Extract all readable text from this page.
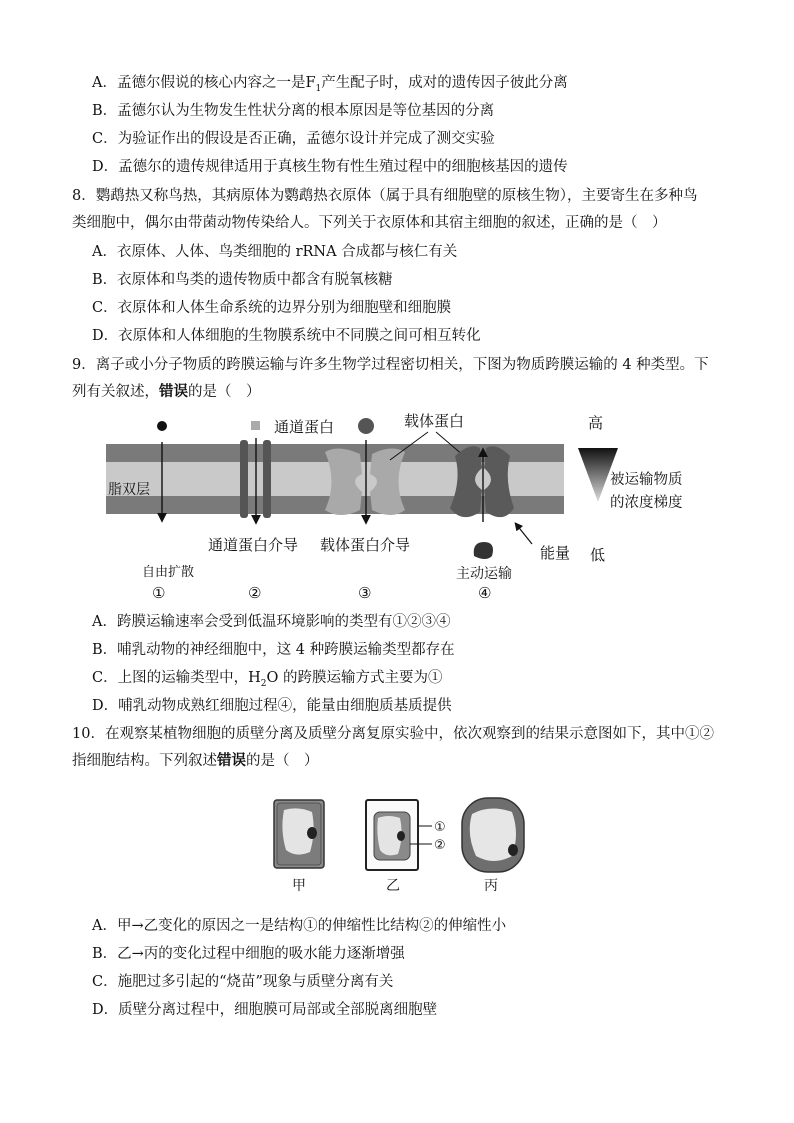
A．孟德尔假说的核心内容之一是$F_1$产生配子时，成对的遗传因子彼此分离
B．孟德尔认为生物发生性状分离的根本原因是等位基因的分离
C．为验证作出的假设是否正确，孟德尔设计并完成了测交实验
D．孟德尔的遗传规律适用于真核生物有性生殖过程中的细胞核基因的遗传
8．鹦鹉热又称鸟热，其病原体为鹦鹉热衣原体（属于具有细胞壁的原核生物），主要寄生在多种鸟
类细胞中，偶尔由带菌动物传染给人。下列关于衣原体和其宿主细胞的叙述，正确的是（　）
A．衣原体、人体、鸟类细胞的 rRNA 合成都与核仁有关
B．衣原体和鸟类的遗传物质中都含有脱氧核糖
C．衣原体和人体生命系统的边界分别为细胞壁和细胞膜
D．衣原体和人体细胞的生物膜系统中不同膜之间可相互转化
9．离子或小分子物质的跨膜运输与许多生物学过程密切相关，下图为物质跨膜运输的 4 种类型。下
列有关叙述，错误的是（　）
脂双层
通道蛋白	载体蛋白
能量
高
被运输物质
的浓度梯度
低
通道蛋白介导 载体蛋白介导
自由扩散	主动运输
①	②	③	④
A．跨膜运输速率会受到低温环境影响的类型有①②③④
B．哺乳动物的神经细胞中，这 4 种跨膜运输类型都存在
C．上图的运输类型中，$H_2O$ 的跨膜运输方式主要为①
D．哺乳动物成熟红细胞过程④，能量由细胞质基质提供
10．在观察某植物细胞的质壁分离及质壁分离复原实验中，依次观察到的结果示意图如下，其中①②
指细胞结构。下列叙述错误的是（　）
甲
①
②
乙	丙
A．甲→乙变化的原因之一是结构①的伸缩性比结构②的伸缩性小
B．乙→丙的变化过程中细胞的吸水能力逐渐增强
C．施肥过多引起的“烧苗”现象与质壁分离有关
D．质壁分离过程中，细胞膜可局部或全部脱离细胞壁
